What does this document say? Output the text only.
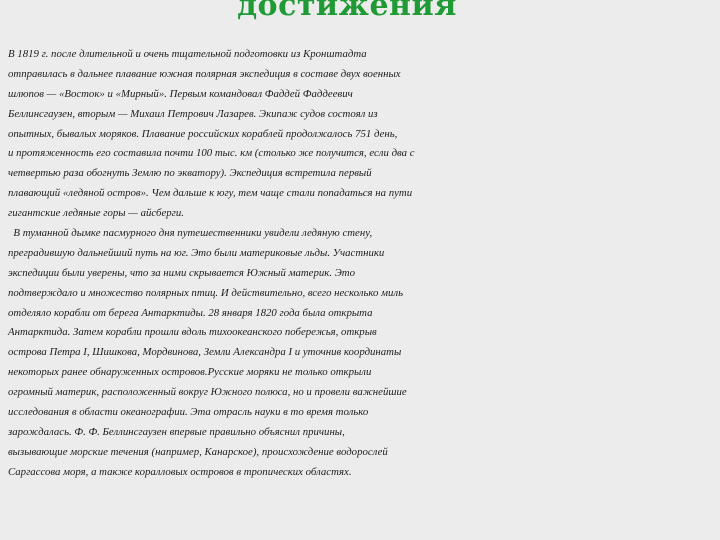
достижения
В 1819 г. после длительной и очень тщательной подготовки из Кронштадта
отправилась в дальнее плавание южная полярная экспедиция в составе двух военных
шлюпов — «Восток» и «Мирный». Первым командовал Фаддей Фаддеевич
Беллинсгаузен, вторым — Михаил Петрович Лазарев. Экипаж судов состоял из
опытных, бывалых моряков. Плавание российских кораблей продолжалось 751 день,
и протяженность его составила почти 100 тыс. км (столько же получится, если два с
четвертью раза обогнуть Землю по экватору). Экспедиция встретила первый
плавающий «ледяной остров». Чем дальше к югу, тем чаще стали попадаться на пути
гигантские ледяные горы — айсберги.
В туманной дымке пасмурного дня путешественники увидели ледяную стену,
преградившую дальнейший путь на юг. Это были материковые льды. Участники
экспедиции были уверены, что за ними скрывается Южный материк. Это
подтверждало и множество полярных птиц. И действительно, всего несколько миль
отделяло корабли от берега Антарктиды. 28 января 1820 года была открыта
Антарктида. Затем корабли прошли вдоль тихоокеанского побережья, открыв
острова Петра I, Шишкова, Мордвинова, Земли Александра I и уточнив координаты
некоторых ранее обнаруженных островов.Русские моряки не только открыли
огромный материк, расположенный вокруг Южного полюса, но и провели важнейшие
исследования в области океанографии. Эта отрасль науки в то время только
зарождалась. Ф. Ф. Беллинсгаузен впервые правильно объяснил причины,
вызывающие морские течения (например, Канарское), происхождение водорослей
Саргассова моря, а также коралловых островов в тропических областях.
